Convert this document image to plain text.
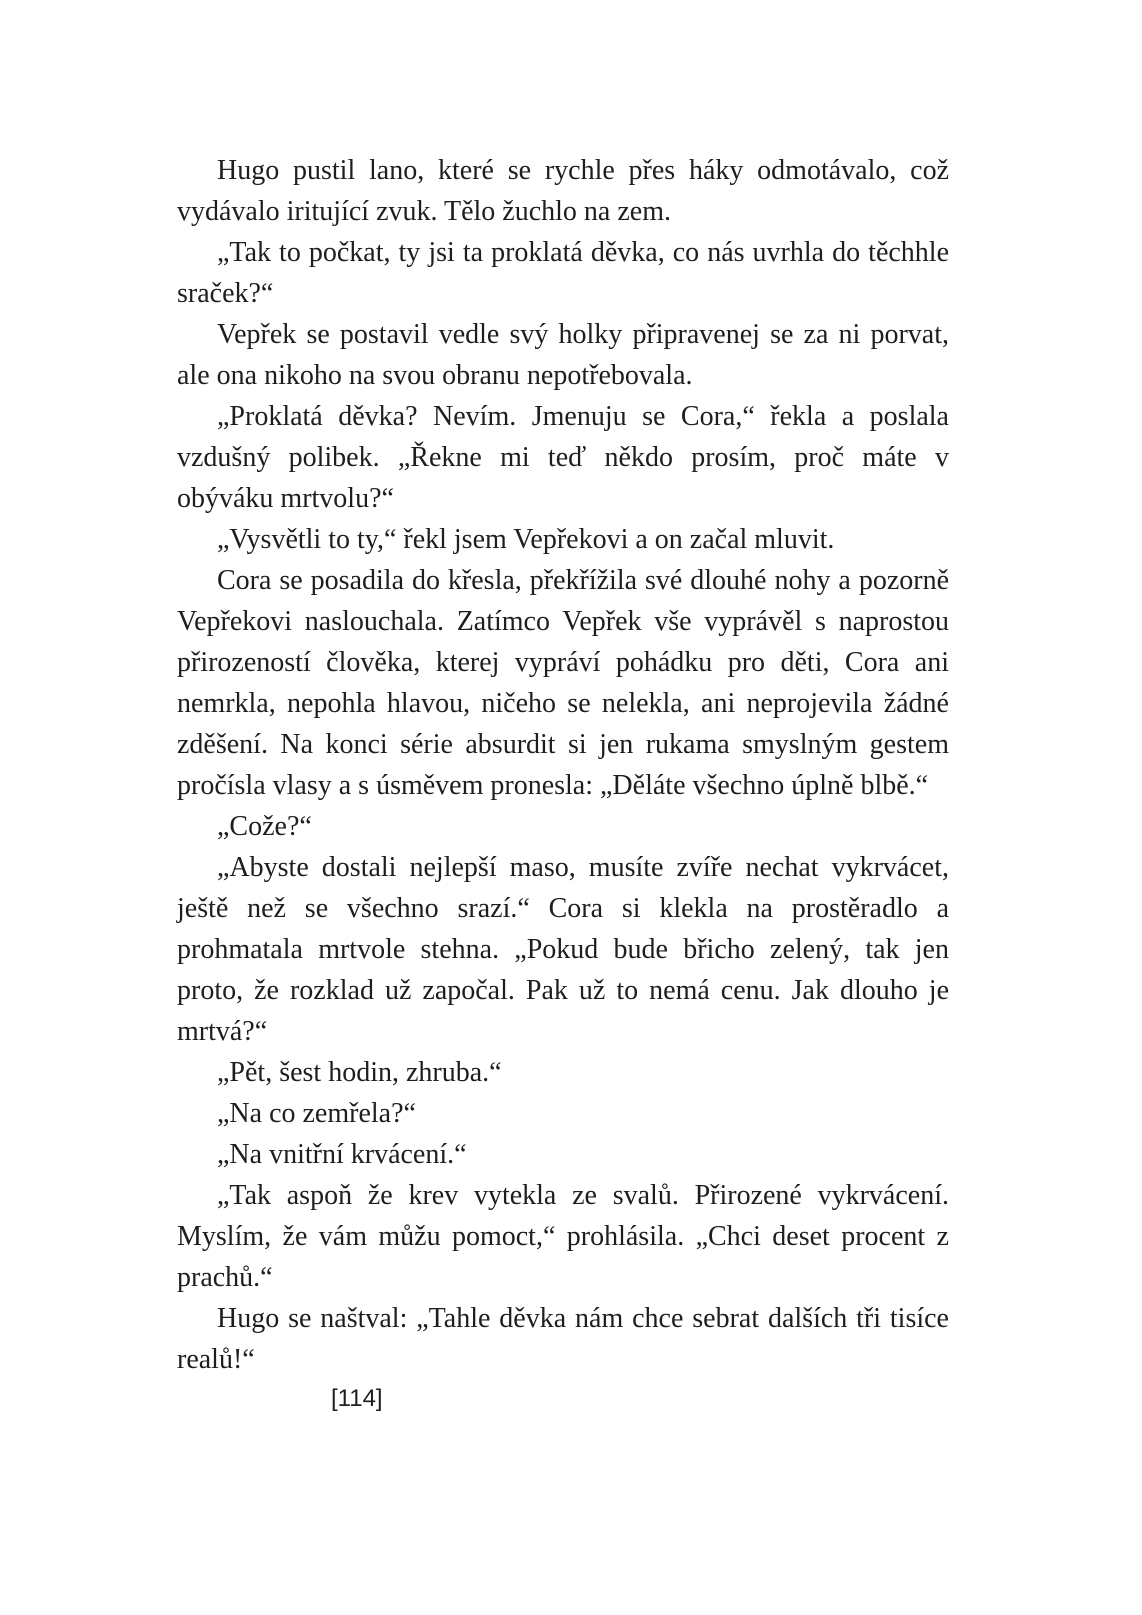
Hugo pustil lano, které se rychle přes háky odmotávalo, což vydávalo iritující zvuk. Tělo žuchlo na zem.

„Tak to počkat, ty jsi ta proklatá děvka, co nás uvrhla do těchhle sraček?“

Vepřek se postavil vedle svý holky připravenej se za ni porvat, ale ona nikoho na svou obranu nepotřebovala.

„Proklatá děvka? Nevím. Jmenuju se Cora,“ řekla a poslala vzdušný polibek. „Řekne mi teď někdo prosím, proč máte v obýváku mrtvolu?“

„Vysvětli to ty,“ řekl jsem Vepřekovi a on začal mluvit.

Cora se posadila do křesla, překřížila své dlouhé nohy a pozorně Vepřekovi naslouchala. Zatímco Vepřek vše vyprávěl s naprostou přirozeností člověka, kterej vypráví pohádku pro děti, Cora ani nemrkla, nepohla hlavou, ničeho se nelekla, ani neprojevila žádné zděšení. Na konci série absurdit si jen rukama smyslným gestem pročísla vlasy a s úsměvem pronesla: „Děláte všechno úplně blbě.“

„Cože?“

„Abyste dostali nejlepší maso, musíte zvíře nechat vykrvácet, ještě než se všechno srazí.“ Cora si klekla na prostěradlo a prohmatala mrtvole stehna. „Pokud bude břicho zelený, tak jen proto, že rozklad už započal. Pak už to nemá cenu. Jak dlouho je mrtvá?“

„Pět, šest hodin, zhruba.“

„Na co zemřela?“

„Na vnitřní krvácení.“

„Tak aspoň že krev vytekla ze svalů. Přirozené vykrvácení. Myslím, že vám můžu pomoct,“ prohlásila. „Chci deset procent z prachů.“

Hugo se naštval: „Tahle děvka nám chce sebrat dalších tři tisíce realů!“

[114]
